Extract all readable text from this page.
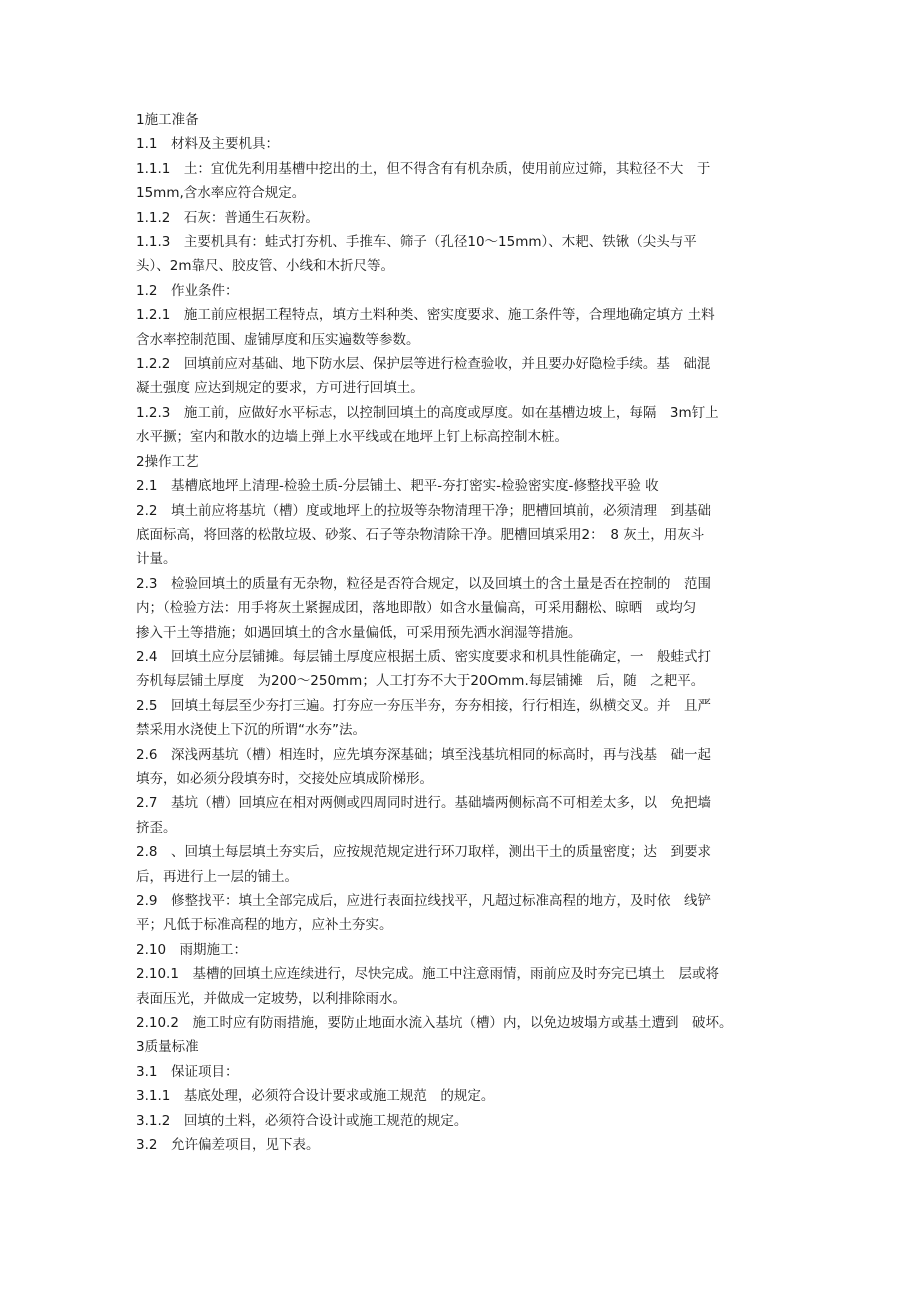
1施工准备
1.1　材料及主要机具：
1.1.1　土：宜优先利用基槽中挖出的土，但不得含有有机杂质，使用前应过筛，其粒径不大　于
15mm,含水率应符合规定。
1.1.2　石灰：普通生石灰粉。
1.1.3　主要机具有：蛙式打夯机、手推车、筛子（孔径10～15mm）、木耙、铁锹（尖头与平
头）、2m靠尺、胶皮管、小线和木折尺等。
1.2　作业条件：
1.2.1　施工前应根据工程特点，填方土料种类、密实度要求、施工条件等，合理地确定填方 土料
含水率控制范围、虚铺厚度和压实遍数等参数。
1.2.2　回填前应对基础、地下防水层、保护层等进行检查验收，并且要办好隐检手续。基　础混
凝土强度 应达到规定的要求，方可进行回填土。
1.2.3　施工前，应做好水平标志，以控制回填土的高度或厚度。如在基槽边坡上，每隔　3m钉上
水平撅；室内和散水的边墙上弹上水平线或在地坪上钉上标高控制木桩。
2操作工艺
2.1　基槽底地坪上清理-检验土质-分层铺土、耙平-夯打密实-检验密实度-修整找平验 收
2.2　填土前应将基坑（槽）度或地坪上的拉圾等杂物清理干净；肥槽回填前，必须清理　到基础
底面标高，将回落的松散垃圾、砂浆、石子等杂物清除干净。肥槽回填采用2：　8 灰土，用灰斗
计量。
2.3　检验回填土的质量有无杂物，粒径是否符合规定，以及回填土的含土量是否在控制的　范围
内；（检验方法：用手将灰土紧握成团，落地即散）如含水量偏高，可采用翻松、晾晒　或均匀
掺入干土等措施；如遇回填土的含水量偏低，可采用预先洒水润湿等措施。
2.4　回填土应分层铺摊。每层铺土厚度应根据土质、密实度要求和机具性能确定，一　般蛙式打
夯机每层铺土厚度　为200～250mm；人工打夯不大于20Omm.每层铺摊　后，随　之耙平。
2.5　回填土每层至少夯打三遍。打夯应一夯压半夯，夯夯相接，行行相连，纵横交叉。并　且严
禁采用水浇使上下沉的所谓“水夯”法。
2.6　深浅两基坑（槽）相连时，应先填夯深基础；填至浅基坑相同的标高时，再与浅基　础一起
填夯，如必须分段填夯时，交接处应填成阶梯形。
2.7　基坑（槽）回填应在相对两侧或四周同时进行。基础墙两侧标高不可相差太多，以　免把墙
挤歪。
2.8　、回填土每层填土夯实后，应按规范规定进行环刀取样，测出干土的质量密度；达　到要求
后，再进行上一层的铺土。
2.9　修整找平：填土全部完成后，应进行表面拉线找平，凡超过标准高程的地方，及时依　线铲
平；凡低于标准高程的地方，应补土夯实。
2.10　雨期施工：
2.10.1　基槽的回填土应连续进行，尽快完成。施工中注意雨情，雨前应及时夯完已填土　层或将
表面压光，并做成一定坡势，以利排除雨水。
2.10.2　施工时应有防雨措施，要防止地面水流入基坑（槽）内，以免边坡塌方或基土遭到　破坏。
3质量标准
3.1　保证项目：
3.1.1　基底处理，必须符合设计要求或施工规范　的规定。
3.1.2　回填的土料，必须符合设计或施工规范的规定。
3.2　允许偏差项目，见下表。
